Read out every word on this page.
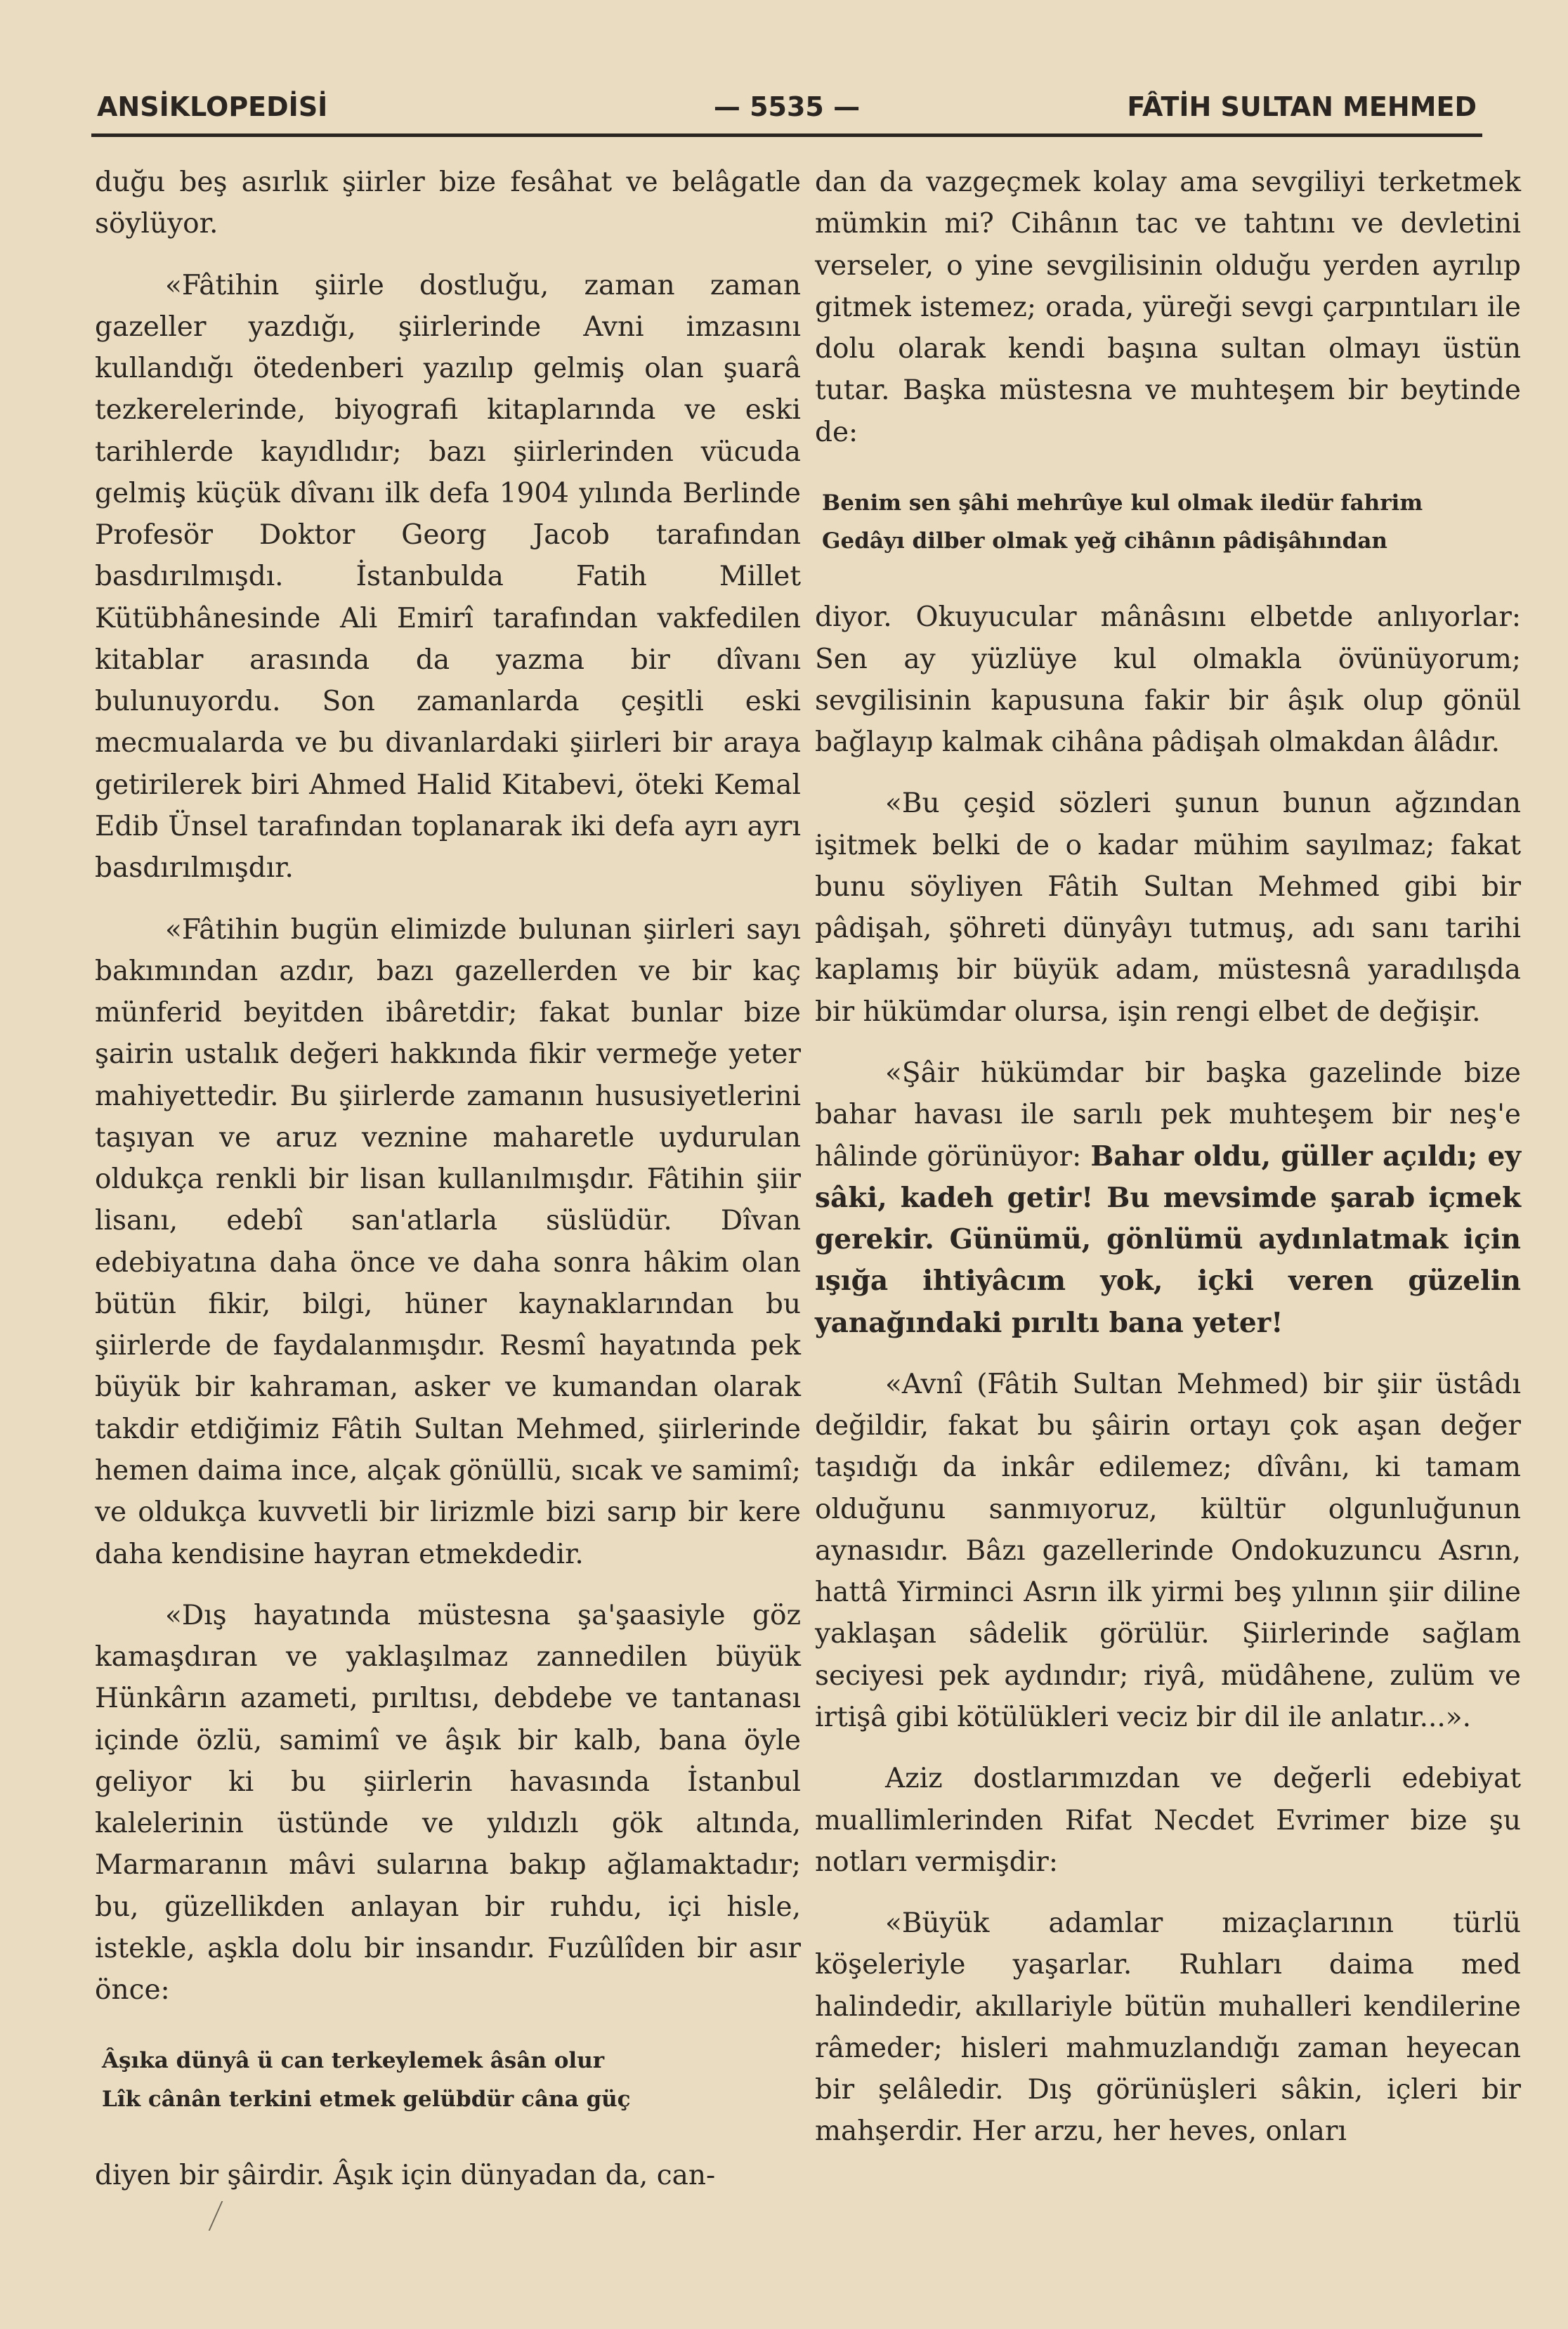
ANSİKLOPEDİSİ	— 5535 —	FÂTİH SULTAN MEHMED

duğu beş asırlık şiirler bize fesâhat ve belâgatle söylüyor.

«Fâtihin şiirle dostluğu, zaman zaman gazeller yazdığı, şiirlerinde Avni imzasını kullandığı ötedenberi yazılıp gelmiş olan şuarâ tezkerelerinde, biyografi kitaplarında ve eski tarihlerde kayıdlıdır; bazı şiirlerinden vücuda gelmiş küçük dîvanı ilk defa 1904 yılında Berlinde Profesör Doktor Georg Jacob tarafından basdırılmışdı. İstanbulda Fatih Millet Kütübhânesinde Ali Emirî tarafından vakfedilen kitablar arasında da yazma bir dîvanı bulunuyordu. Son zamanlarda çeşitli eski mecmualarda ve bu divanlardaki şiirleri bir araya getirilerek biri Ahmed Halid Kitabevi, öteki Kemal Edib Ünsel tarafından toplanarak iki defa ayrı ayrı basdırılmışdır.

«Fâtihin bugün elimizde bulunan şiirleri sayı bakımından azdır, bazı gazellerden ve bir kaç münferid beyitden ibâretdir; fakat bunlar bize şairin ustalık değeri hakkında fikir vermeğe yeter mahiyettedir. Bu şiirlerde zamanın hususiyetlerini taşıyan ve aruz veznine maharetle uydurulan oldukça renkli bir lisan kullanılmışdır. Fâtihin şiir lisanı, edebî san'atlarla süslüdür. Dîvan edebiyatına daha önce ve daha sonra hâkim olan bütün fikir, bilgi, hüner kaynaklarından bu şiirlerde de faydalanmışdır. Resmî hayatında pek büyük bir kahraman, asker ve kumandan olarak takdir etdiğimiz Fâtih Sultan Mehmed, şiirlerinde hemen daima ince, alçak gönüllü, sıcak ve samimî; ve oldukça kuvvetli bir lirizmle bizi sarıp bir kere daha kendisine hayran etmekdedir.

«Dış hayatında müstesna şa'şaasiyle göz kamaşdıran ve yaklaşılmaz zannedilen büyük Hünkârın azameti, pırıltısı, debdebe ve tantanası içinde özlü, samimî ve âşık bir kalb, bana öyle geliyor ki bu şiirlerin havasında İstanbul kalelerinin üstünde ve yıldızlı gök altında, Marmaranın mâvi sularına bakıp ağlamaktadır; bu, güzellikden anlayan bir ruhdu, içi hisle, istekle, aşkla dolu bir insandır. Fuzûlîden bir asır önce:

Âşıka dünyâ ü can terkeylemek âsân olur
Lîk cânân terkini etmek gelübdür câna güç

diyen bir şâirdir. Âşık için dünyadan da, can-

dan da vazgeçmek kolay ama sevgiliyi terketmek mümkin mi? Cihânın tac ve tahtını ve devletini verseler, o yine sevgilisinin olduğu yerden ayrılıp gitmek istemez; orada, yüreği sevgi çarpıntıları ile dolu olarak kendi başına sultan olmayı üstün tutar. Başka müstesna ve muhteşem bir beytinde de:

Benim sen şâhi mehrûye kul olmak iledür fahrim
Gedâyı dilber olmak yeğ cihânın pâdişâhından

diyor. Okuyucular mânâsını elbetde anlıyorlar: Sen ay yüzlüye kul olmakla övünüyorum; sevgilisinin kapusuna fakir bir âşık olup gönül bağlayıp kalmak cihâna pâdişah olmakdan âlâdır.

«Bu çeşid sözleri şunun bunun ağzından işitmek belki de o kadar mühim sayılmaz; fakat bunu söyliyen Fâtih Sultan Mehmed gibi bir pâdişah, şöhreti dünyâyı tutmuş, adı sanı tarihi kaplamış bir büyük adam, müstesnâ yaradılışda bir hükümdar olursa, işin rengi elbet de değişir.

«Şâir hükümdar bir başka gazelinde bize bahar havası ile sarılı pek muhteşem bir neş'e hâlinde görünüyor: Bahar oldu, güller açıldı; ey sâki, kadeh getir! Bu mevsimde şarab içmek gerekir. Günümü, gönlümü aydınlatmak için ışığa ihtiyâcım yok, içki veren güzelin yanağındaki pırıltı bana yeter!

«Avnî (Fâtih Sultan Mehmed) bir şiir üstâdı değildir, fakat bu şâirin ortayı çok aşan değer taşıdığı da inkâr edilemez; dîvânı, ki tamam olduğunu sanmıyoruz, kültür olgunluğunun aynasıdır. Bâzı gazellerinde Ondokuzuncu Asrın, hattâ Yirminci Asrın ilk yirmi beş yılının şiir diline yaklaşan sâdelik görülür. Şiirlerinde sağlam seciyesi pek aydındır; riyâ, müdâhene, zulüm ve irtişâ gibi kötülükleri veciz bir dil ile anlatır...».

Aziz dostlarımızdan ve değerli edebiyat muallimlerinden Rifat Necdet Evrimer bize şu notları vermişdir:

«Büyük adamlar mizaçlarının türlü köşeleriyle yaşarlar. Ruhları daima med halindedir, akıllariyle bütün muhalleri kendilerine râmeder; hisleri mahmuzlandığı zaman heyecan bir şelâledir. Dış görünüşleri sâkin, içleri bir mahşerdir. Her arzu, her heves, onları
